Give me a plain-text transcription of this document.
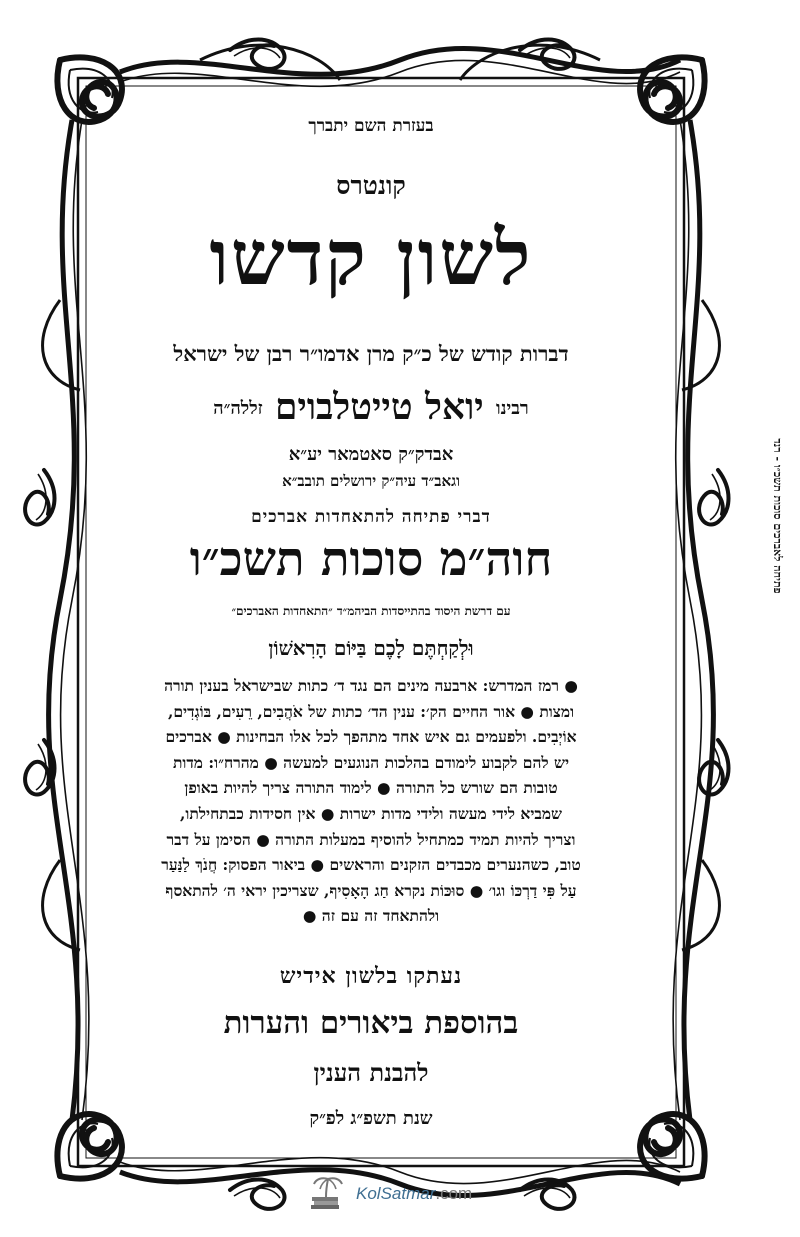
בעזרת השם יתברך
קונטרס
לשון קדשו
דברות קודש של כ״ק מרן אדמו״ר רבן של ישראל
רבינו יואל טייטלבוים זללה״ה
אבדק״ק סאטמאר יע״א
וגאב״ד עיה״ק ירושלים תובב״א
דברי פתיחה להתאחדות אברכים
חוה״מ סוכות תשכ״ו
עם דרשת היסוד בהתייסדות הביהמ״ד ״התאחדות האברכים״
וּלְקַחְתֶּם לָכֶם בַּיּוֹם הָרִאשׁוֹן
● רמז המדרש: ארבעה מינים הם נגד ד׳ כתות שבישראל בענין תורה
ומצות ● אור החיים הק׳: ענין הד׳ כתות של אֹהֲבִים, רֵעִים, בּוֹגְדִים,
אוֹיְבִים. ולפעמים גם איש אחד מתהפך לכל אלו הבחינות ● אברכים
יש להם לקבוע לימודם בהלכות הנוגעים למעשה ● מהרח״ו: מדות
טובות הם שורש כל התורה ● לימוד התורה צריך להיות באופן
שמביא לידי מעשה ולידי מדות ישרות ● אין חסידות כבתחילתו,
וצריך להיות תמיד כמתחיל להוסיף במעלות התורה ● הסימן על דבר
טוב, כשהנערים מכבדים הזקנים והראשים ● ביאור הפסוק: חֲנֹךְ לַנַּעַר
עַל פִּי דַרְכּוֹ וגו׳ ● סוּכּוֹת נקרא חַג הָאָסִיף, שצריכין יראי ה׳ להתאסף
ולהתאחד זה עם זה ●
נעתקו בלשון אידיש
בהוספת ביאורים והערות
להבנת הענין
שנת תשפ״ג לפ״ק
פתיחה לאברכים סוכות תשכ״ו - רנד
KolSatmar.com
